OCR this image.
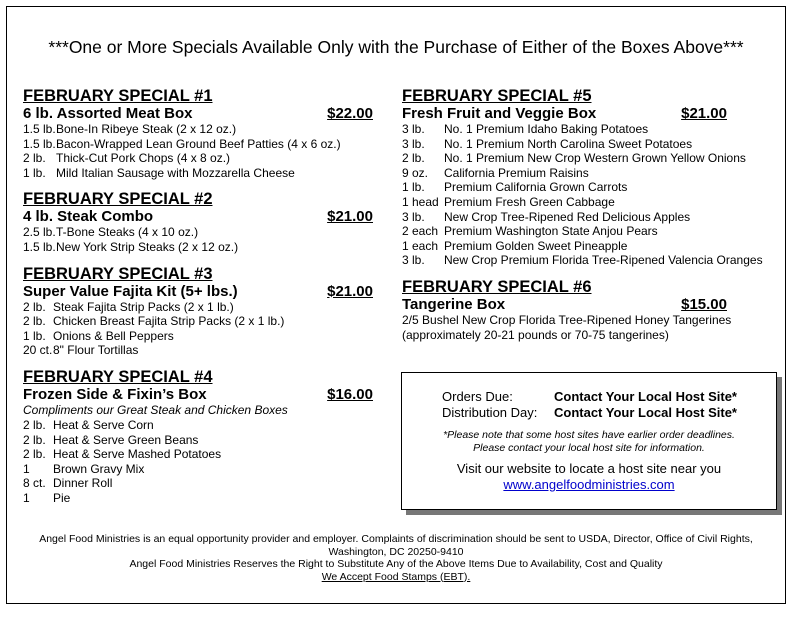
***One or More Specials Available Only with the Purchase of Either of the Boxes Above***
FEBRUARY SPECIAL #1
6 lb. Assorted Meat Box	$22.00
1.5 lb. Bone-In Ribeye Steak (2 x 12 oz.)
1.5 lb. Bacon-Wrapped Lean Ground Beef Patties (4 x 6 oz.)
2 lb. Thick-Cut Pork Chops (4 x 8 oz.)
1 lb. Mild Italian Sausage with Mozzarella Cheese
FEBRUARY SPECIAL #2
4 lb. Steak Combo	$21.00
2.5 lb. T-Bone Steaks (4 x 10 oz.)
1.5 lb. New York Strip Steaks (2 x 12 oz.)
FEBRUARY SPECIAL #3
Super Value Fajita Kit (5+ lbs.)	$21.00
2 lb. Steak Fajita Strip Packs (2 x 1 lb.)
2 lb. Chicken Breast Fajita Strip Packs (2 x 1 lb.)
1 lb. Onions & Bell Peppers
20 ct. 8" Flour Tortillas
FEBRUARY SPECIAL #4
Frozen Side & Fixin’s Box	$16.00
Compliments our Great Steak and Chicken Boxes
2 lb. Heat & Serve Corn
2 lb. Heat & Serve Green Beans
2 lb. Heat & Serve Mashed Potatoes
1	Brown Gravy Mix
8 ct. Dinner Roll
1	Pie
FEBRUARY SPECIAL #5
Fresh Fruit and Veggie Box	$21.00
3 lb.	No. 1 Premium Idaho Baking Potatoes
3 lb.	No. 1 Premium North Carolina Sweet Potatoes
2 lb.	No. 1 Premium New Crop Western Grown Yellow Onions
9 oz.	California Premium Raisins
1 lb.	Premium California Grown Carrots
1 head Premium Fresh Green Cabbage
3 lb.	New Crop Tree-Ripened Red Delicious Apples
2 each Premium Washington State Anjou Pears
1 each Premium Golden Sweet Pineapple
3 lb.	New Crop Premium Florida Tree-Ripened Valencia Oranges
FEBRUARY SPECIAL #6
Tangerine Box	$15.00
2/5 Bushel New Crop Florida Tree-Ripened Honey Tangerines
(approximately 20-21 pounds or 70-75 tangerines)
Orders Due:	Contact Your Local Host Site*
Distribution Day:	Contact Your Local Host Site*
*Please note that some host sites have earlier order deadlines.
Please contact your local host site for information.
Visit our website to locate a host site near you
www.angelfoodministries.com
Angel Food Ministries is an equal opportunity provider and employer. Complaints of discrimination should be sent to USDA, Director, Office of Civil Rights, Washington, DC 20250-9410
Angel Food Ministries Reserves the Right to Substitute Any of the Above Items Due to Availability, Cost and Quality
We Accept Food Stamps (EBT).
